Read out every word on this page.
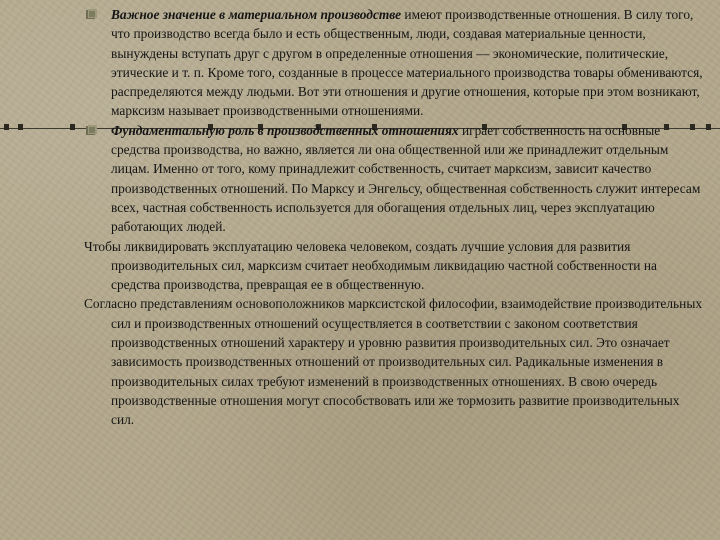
Важное значение в материальном производстве имеют производственные отношения. В силу того, что производство всегда было и есть общественным, люди, создавая материальные ценности, вынуждены вступать друг с другом в определенные отношения — экономические, политические, этические и т. п. Кроме того, созданные в процессе материального производства товары обмениваются, распределяются между людьми. Вот эти отношения и другие отношения, которые при этом возникают, марксизм называет производственными отношениями.

Фундаментальную роль в производственных отношениях играет собственность на основные средства производства, но важно, является ли она общественной или же принадлежит отдельным лицам. Именно от того, кому принадлежит собственность, считает марксизм, зависит качество производственных отношений. По Марксу и Энгельсу, общественная собственность служит интересам всех, частная собственность используется для обогащения отдельных лиц, через эксплуатацию работающих людей.

Чтобы ликвидировать эксплуатацию человека человеком, создать лучшие условия для развития производительных сил, марксизм считает необходимым ликвидацию частной собственности на средства производства, превращая ее в общественную.

Согласно представлениям основоположников марксистской философии, взаимодействие производительных сил и производственных отношений осуществляется в соответствии с законом соответствия производственных отношений характеру и уровню развития производительных сил. Это означает зависимость производственных отношений от производительных сил. Радикальные изменения в производительных силах требуют изменений в производственных отношениях. В свою очередь производственные отношения могут способствовать или же тормозить развитие производительных сил.
